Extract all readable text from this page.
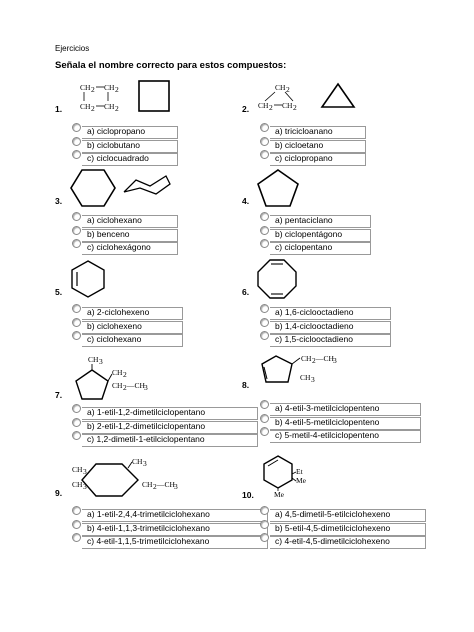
Ejercicios
Señala el nombre correcto para estos compuestos:
1.
CH 2 CH 2
CH 2 CH 2	2.
CH 2
CH 2 CH 2
3.	4.
5.	6.
7.
CH 3
CH 2
CH 2 —CH 3	8.
CH 2 —CH 3
CH 3
9.
CH 3
CH 3
CH 3	CH 2 —CH 3
10.
Et
Me
Me
a) ciclopropano
b) ciclobutano
c) ciclocuadrado
a) tricicloanano
b) cicloetano
c) ciclopropano
a) ciclohexano
b) benceno
c) ciclohexágono
a) pentaciclano
b) ciclopentágono
c) ciclopentano
a) 2-ciclohexeno
b) ciclohexeno
c) ciclohexano
a) 1,6-ciclooctadieno
b) 1,4-ciclooctadieno
c) 1,5-ciclooctadieno
a) 1-etil-1,2-dimetilciclopentano
b) 2-etil-1,2-dimetilciclopentano
c) 1,2-dimetil-1-etilciclopentano
a) 4-etil-3-metilciclopenteno
b) 4-etil-5-metilciclopenteno
c) 5-metil-4-etilciclopenteno
a) 1-etil-2,4,4-trimetilciclohexano
b) 4-etil-1,1,3-trimetilciclohexano
c) 4-etil-1,1,5-trimetilciclohexano
a) 4,5-dimetil-5-etilciclohexeno
b) 5-etil-4,5-dimetilciclohexeno
c) 4-etil-4,5-dimetilciclohexeno
